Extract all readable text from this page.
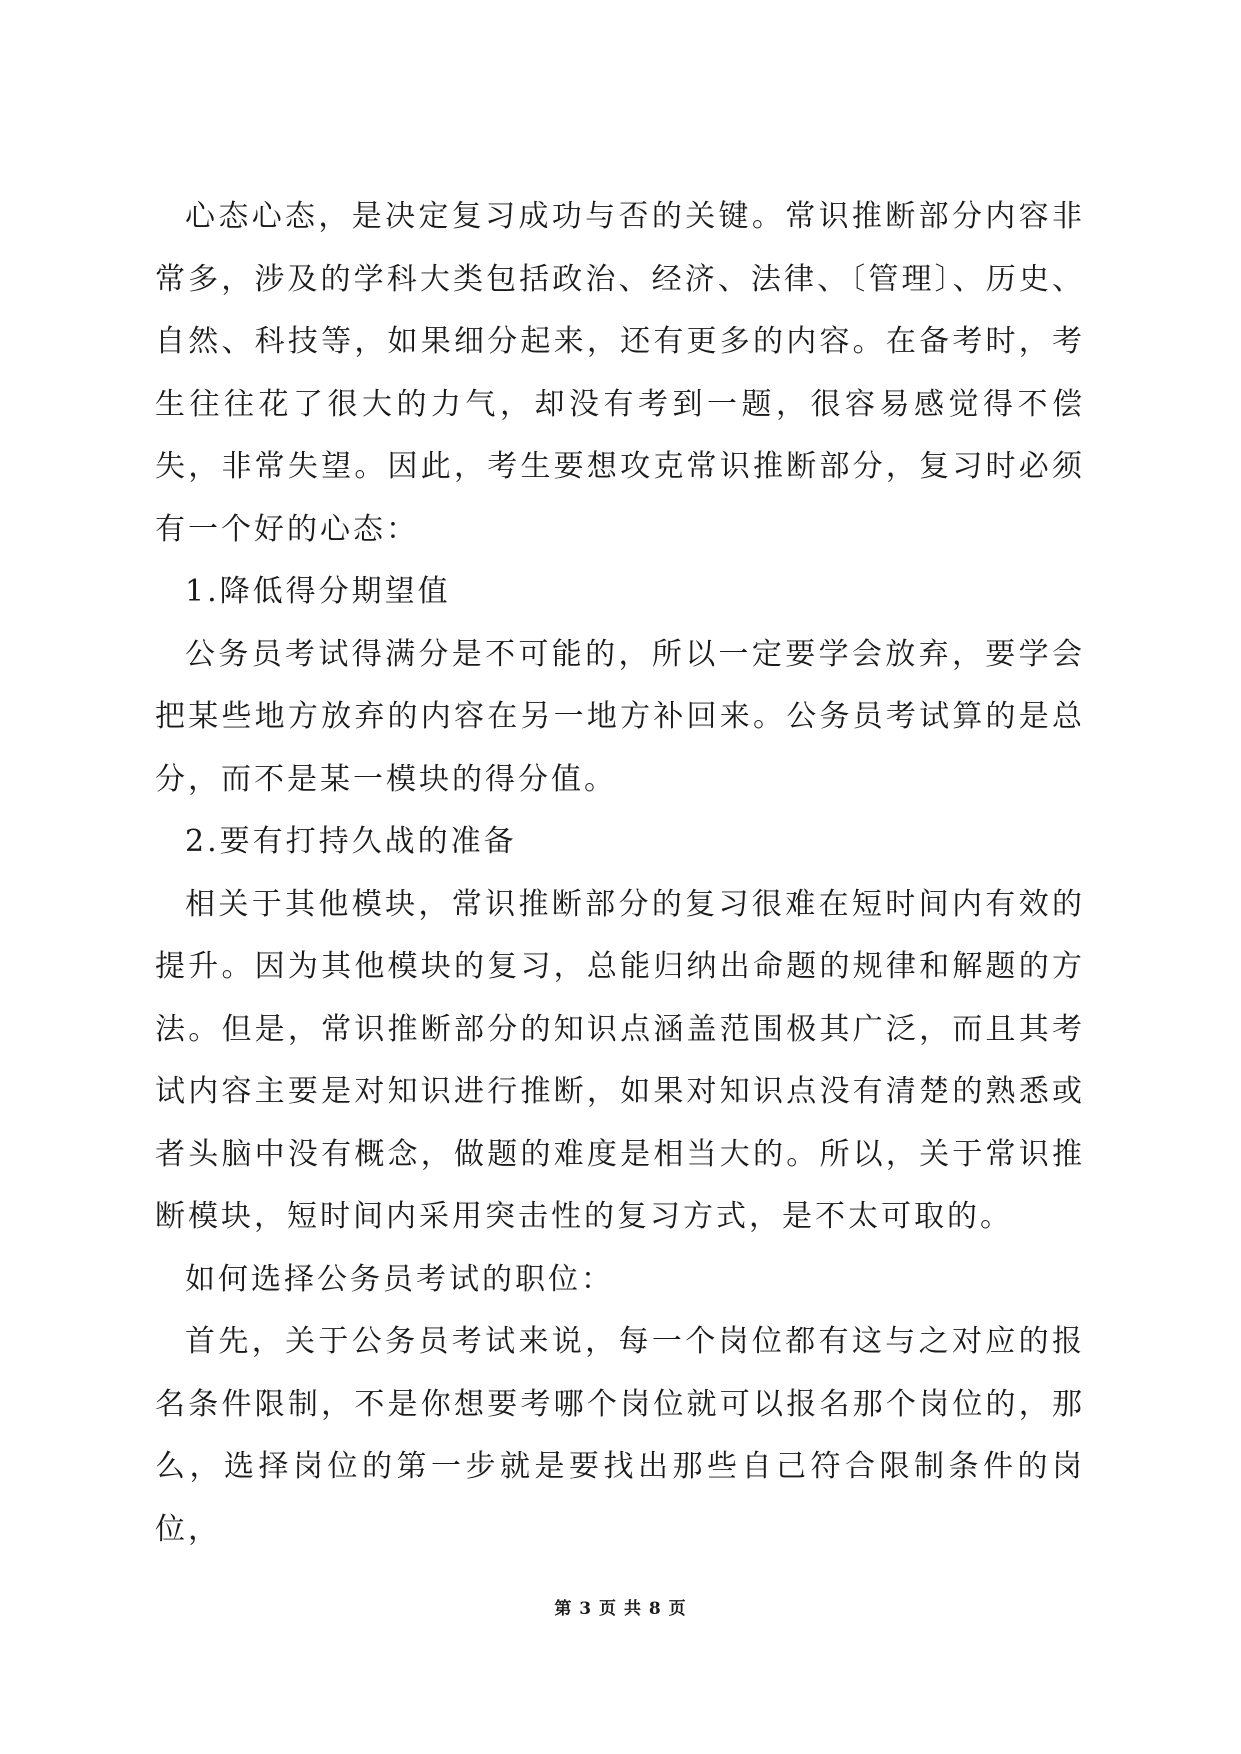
心态心态，是决定复习成功与否的关键。常识推断部分内容非常多，涉及的学科大类包括政治、经济、法律、〔管理〕、历史、自然、科技等，如果细分起来，还有更多的内容。在备考时，考生往往花了很大的力气，却没有考到一题，很容易感觉得不偿失，非常失望。因此，考生要想攻克常识推断部分，复习时必须有一个好的心态：

1.降低得分期望值

公务员考试得满分是不可能的，所以一定要学会放弃，要学会把某些地方放弃的内容在另一地方补回来。公务员考试算的是总分，而不是某一模块的得分值。

2.要有打持久战的准备

相关于其他模块，常识推断部分的复习很难在短时间内有效的提升。因为其他模块的复习，总能归纳出命题的规律和解题的方法。但是，常识推断部分的知识点涵盖范围极其广泛，而且其考试内容主要是对知识进行推断，如果对知识点没有清楚的熟悉或者头脑中没有概念，做题的难度是相当大的。所以，关于常识推断模块，短时间内采用突击性的复习方式，是不太可取的。

如何选择公务员考试的职位：

首先，关于公务员考试来说，每一个岗位都有这与之对应的报名条件限制，不是你想要考哪个岗位就可以报名那个岗位的，那么，选择岗位的第一步就是要找出那些自己符合限制条件的岗位，

第 3 页 共 8 页
